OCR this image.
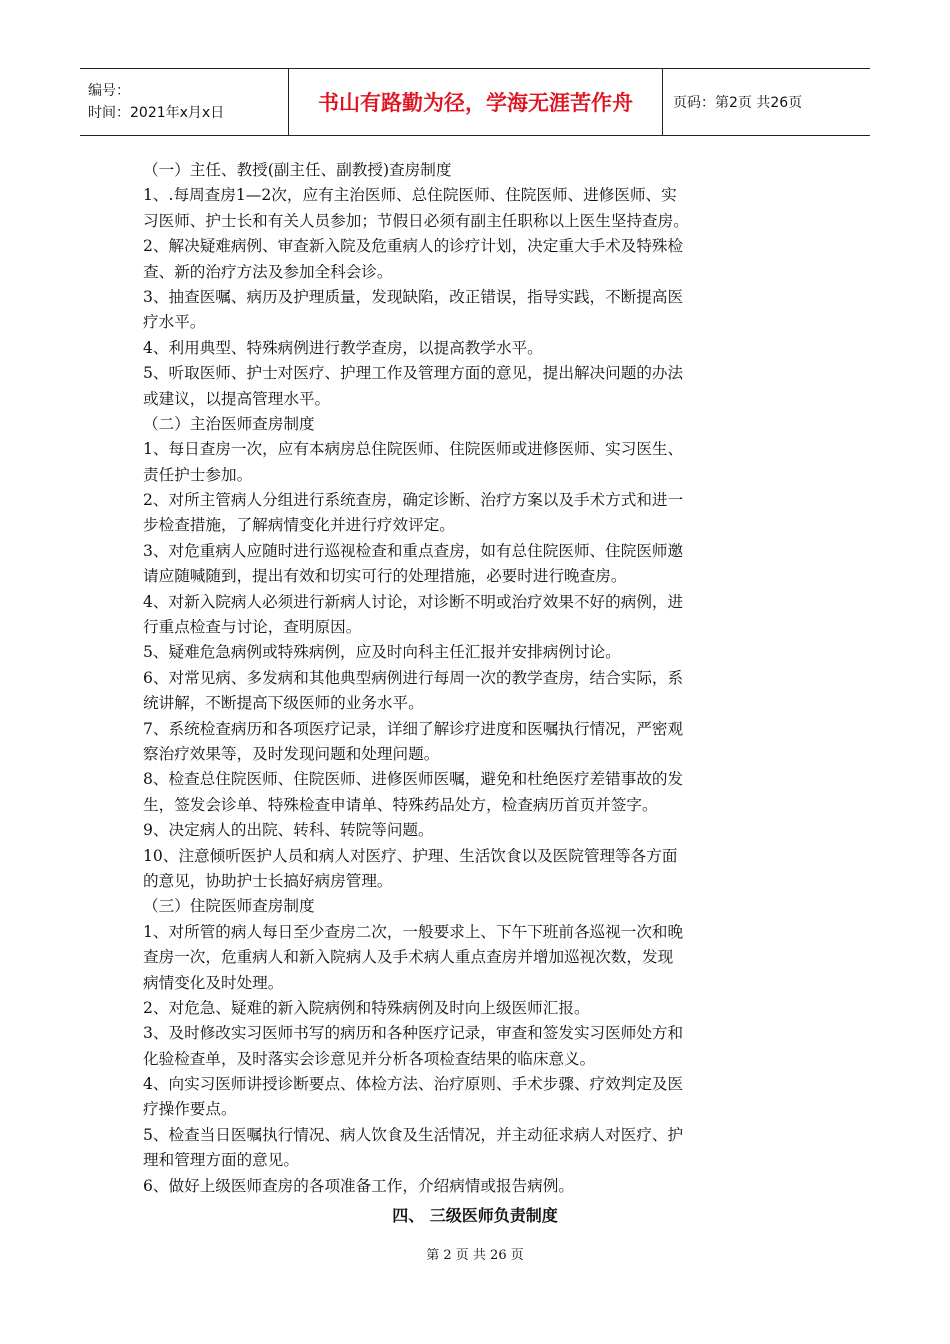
编号：
时间：2021年x月x日	书山有路勤为径，学海无涯苦作舟	页码：第2页 共26页
（一）主任、教授(副主任、副教授)查房制度
1、.每周查房1—2次，应有主治医师、总住院医师、住院医师、进修医师、实
习医师、护士长和有关人员参加；节假日必须有副主任职称以上医生坚持查房。
2、解决疑难病例、审查新入院及危重病人的诊疗计划，决定重大手术及特殊检
查、新的治疗方法及参加全科会诊。
3、抽查医嘱、病历及护理质量，发现缺陷，改正错误，指导实践，不断提高医
疗水平。
4、利用典型、特殊病例进行教学查房，以提高教学水平。
5、听取医师、护士对医疗、护理工作及管理方面的意见，提出解决问题的办法
或建议，以提高管理水平。
（二）主治医师查房制度
1、每日查房一次，应有本病房总住院医师、住院医师或进修医师、实习医生、
责任护士参加。
2、对所主管病人分组进行系统查房，确定诊断、治疗方案以及手术方式和进一
步检查措施，了解病情变化并进行疗效评定。
3、对危重病人应随时进行巡视检查和重点查房，如有总住院医师、住院医师邀
请应随喊随到，提出有效和切实可行的处理措施，必要时进行晚查房。
4、对新入院病人必须进行新病人讨论，对诊断不明或治疗效果不好的病例，进
行重点检查与讨论，查明原因。
5、疑难危急病例或特殊病例，应及时向科主任汇报并安排病例讨论。
6、对常见病、多发病和其他典型病例进行每周一次的教学查房，结合实际，系
统讲解，不断提高下级医师的业务水平。
7、系统检查病历和各项医疗记录，详细了解诊疗进度和医嘱执行情况，严密观
察治疗效果等，及时发现问题和处理问题。
8、检查总住院医师、住院医师、进修医师医嘱，避免和杜绝医疗差错事故的发
生，签发会诊单、特殊检查申请单、特殊药品处方，检查病历首页并签字。
9、决定病人的出院、转科、转院等问题。
10、注意倾听医护人员和病人对医疗、护理、生活饮食以及医院管理等各方面
的意见，协助护士长搞好病房管理。
（三）住院医师查房制度
1、对所管的病人每日至少查房二次，一般要求上、下午下班前各巡视一次和晚
查房一次，危重病人和新入院病人及手术病人重点查房并增加巡视次数，发现
病情变化及时处理。
2、对危急、疑难的新入院病例和特殊病例及时向上级医师汇报。
3、及时修改实习医师书写的病历和各种医疗记录，审查和签发实习医师处方和
化验检查单，及时落实会诊意见并分析各项检查结果的临床意义。
4、向实习医师讲授诊断要点、体检方法、治疗原则、手术步骤、疗效判定及医
疗操作要点。
5、检查当日医嘱执行情况、病人饮食及生活情况，并主动征求病人对医疗、护
理和管理方面的意见。
6、做好上级医师查房的各项准备工作，介绍病情或报告病例。
四、 三级医师负责制度
第 2 页 共 26 页
